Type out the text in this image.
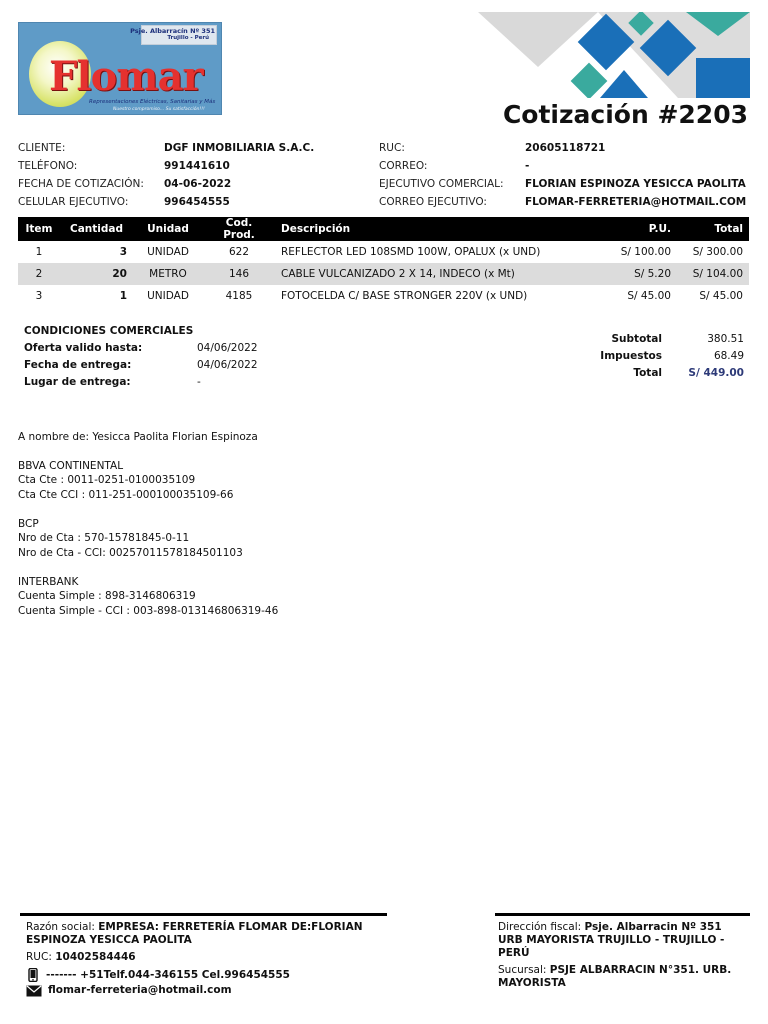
Psje. Albarracín Nº 351
Trujillo - Perú
Flomar
Representaciones Eléctricas, Sanitarias y Más
Nuestro compromiso... Su satisfacción!!!	Cotización #2203
CLIENTE:	DGF INMOBILIARIA S.A.C.
TELÉFONO:	991441610
FECHA DE COTIZACIÓN: 04-06-2022
CELULAR EJECUTIVO:	996454555
RUC:	20605118721
CORREO:	-
EJECUTIVO COMERCIAL: FLORIAN ESPINOZA YESICCA PAOLITA
CORREO EJECUTIVO:	FLOMAR-FERRETERIA@HOTMAIL.COM
Item	Cantidad	Unidad	Cod. Prod.	Descripción	P.U.	Total
1	3	UNIDAD	622	REFLECTOR LED 108SMD 100W, OPALUX (x UND)	S/ 100.00	S/ 300.00
2	20	METRO	146	CABLE VULCANIZADO 2 X 14, INDECO (x Mt)	S/ 5.20	S/ 104.00
3	1	UNIDAD	4185	FOTOCELDA C/ BASE STRONGER 220V (x UND)	S/ 45.00	S/ 45.00
CONDICIONES COMERCIALES
Oferta valido hasta:	04/06/2022
Fecha de entrega:	04/06/2022
Lugar de entrega:	-
Subtotal	380.51
Impuestos	68.49
Total	S/ 449.00
A nombre de: Yesicca Paolita Florian Espinoza
BBVA CONTINENTAL
Cta Cte : 0011-0251-0100035109
Cta Cte CCI : 011-251-000100035109-66
BCP
Nro de Cta : 570-15781845-0-11
Nro de Cta - CCI: 00257011578184501103
INTERBANK
Cuenta Simple : 898-3146806319
Cuenta Simple - CCI : 003-898-013146806319-46
Razón social: EMPRESA: FERRETERÍA FLOMAR DE:FLORIAN ESPINOZA YESICCA PAOLITA
RUC: 10402584446
------- +51Telf.044-346155 Cel.996454555
flomar-ferreteria@hotmail.com
Dirección fiscal: Psje. Albarracin Nº 351 URB MAYORISTA TRUJILLO - TRUJILLO - PERÚ
Sucursal: PSJE ALBARRACIN N°351. URB. MAYORISTA
